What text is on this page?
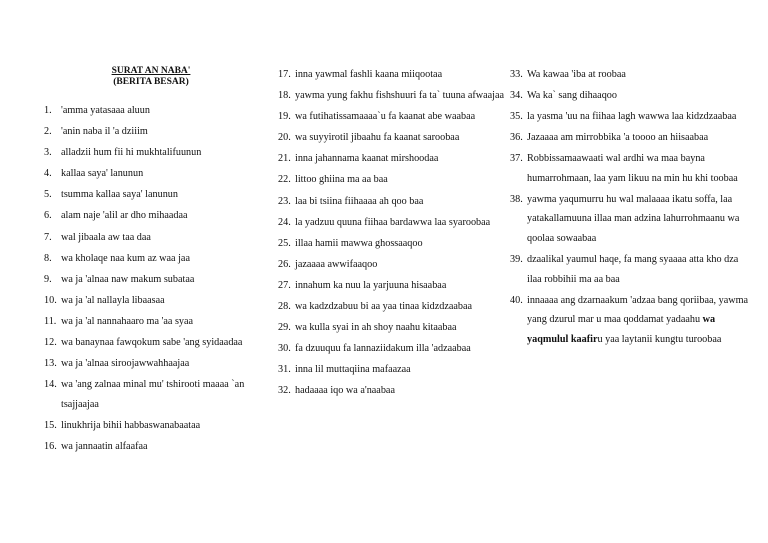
SURAT AN NABA'
(BERITA BESAR)
1. 'amma yatasaaa aluun
2. 'anin naba il 'a dziiim
3. alladzii hum fii hi mukhtalifuunun
4. kallaa saya' lanunun
5. tsumma kallaa saya' lanunun
6. alam naje 'alil ar dho mihaadaa
7. wal jibaala aw taa daa
8. wa kholaqe naa kum az waa jaa
9. wa ja 'alnaa naw makum subataa
10. wa ja 'al nallayla libaasaa
11. wa ja 'al nannahaaro ma 'aa syaa
12. wa banaynaa fawqokum sabe 'ang syidaadaa
13. wa ja 'alnaa siroojawwahhaajaa
14. wa 'ang zalnaa minal mu' tshirooti maaaa `an tsajjaajaa
15. linukhrija bihii habbaswanabaataa
16. wa jannaatin alfaafaa
17. inna yawmal fashli kaana miiqootaa
18. yawma yung fakhu fishshuuri fa ta` tuuna afwaajaa
19. wa futihatissamaaaa`u fa kaanat abe waabaa
20. wa suyyirotil jibaahu fa kaanat saroobaa
21. inna jahannama kaanat mirshoodaa
22. littoo ghiina ma aa baa
23. laa bi tsiina fiihaaaa ah qoo baa
24. la yadzuu quuna fiihaa bardawwa laa syaroobaa
25. illaa hamii mawwa ghossaaqoo
26. jazaaaa awwifaaqoo
27. innahum ka nuu la yarjuuna hisaabaa
28. wa kadzdzabuu bi aa yaa tinaa kidzdzaabaa
29. wa kulla syai in ah shoy naahu kitaabaa
30. fa dzuuquu fa lannaziidakum illa 'adzaabaa
31. inna lil muttaqiina mafaazaa
32. hadaaaa iqo wa a'naabaa
33. Wa kawaa 'iba at roobaa
34. Wa ka` sang dihaaqoo
35. la yasma 'uu na fiihaa lagh wawwa laa kidzdzaabaa
36. Jazaaaa am mirrobbika 'a toooo an hiisaabaa
37. Robbissamaawaati wal ardhi wa maa bayna humarrohmaan, laa yam likuu na min hu khi toobaa
38. yawma yaqumurru hu wal malaaaa ikatu soffa, laa yatakallamuuna illaa man adzina lahurrohmaanu wa qoolaa sowaabaa
39. dzaalikal yaumul haqe, fa mang syaaaa atta kho dza ilaa robbihii ma aa baa
40. innaaaa ang dzarnaakum 'adzaa bang qoriibaa, yawma yang dzurul mar u maa qoddamat yadaahu wa yaqmulul kaafiru yaa laytanii kungtu turoobaa
